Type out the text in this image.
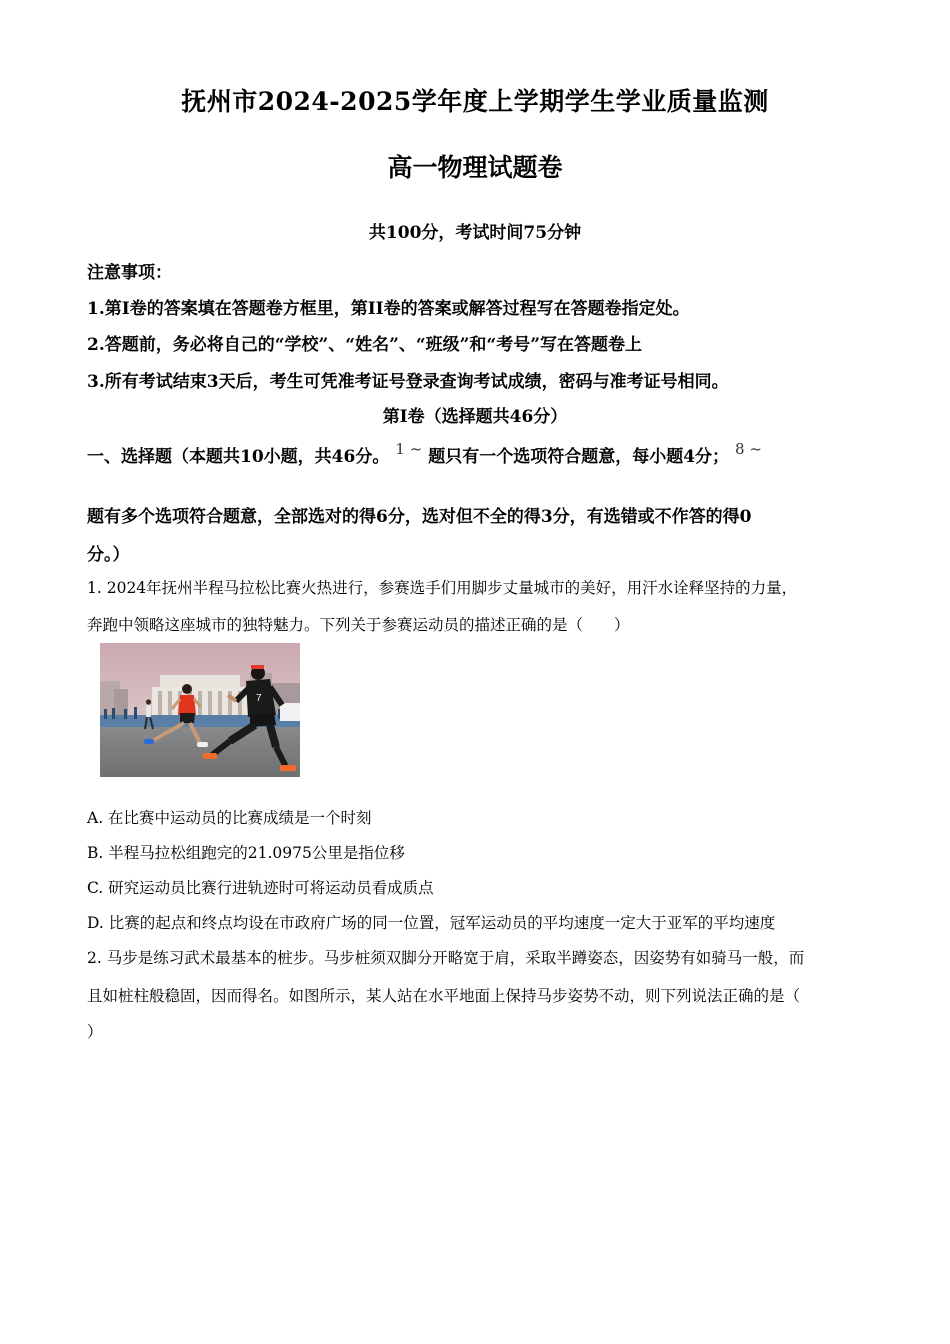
抚州市2024-2025学年度上学期学生学业质量监测
高一物理试题卷
共100分，考试时间75分钟
注意事项：
1.第I卷的答案填在答题卷方框里，第II卷的答案或解答过程写在答题卷指定处。
2.答题前，务必将自己的“学校”、“姓名”、“班级”和“考号”写在答题卷上
3.所有考试结束3天后，考生可凭准考证号登录查询考试成绩，密码与准考证号相同。
第I卷（选择题共46分）
一、选择题（本题共10小题，共46分。 1 ~ 题只有一个选项符合题意，每小题4分； 8 ~
题有多个选项符合题意，全部选对的得6分，选对但不全的得3分，有选错或不作答的得0
分。）
1. 2024年抚州半程马拉松比赛火热进行，参赛选手们用脚步丈量城市的美好，用汗水诠释坚持的力量，
奔跑中领略这座城市的独特魅力。下列关于参赛运动员的描述正确的是（　　）
7
A. 在比赛中运动员的比赛成绩是一个时刻
B. 半程马拉松组跑完的21.0975公里是指位移
C. 研究运动员比赛行进轨迹时可将运动员看成质点
D. 比赛的起点和终点均设在市政府广场的同一位置，冠军运动员的平均速度一定大于亚军的平均速度
2. 马步是练习武术最基本的桩步。马步桩须双脚分开略宽于肩，采取半蹲姿态，因姿势有如骑马一般，而
且如桩柱般稳固，因而得名。如图所示，某人站在水平地面上保持马步姿势不动，则下列说法正确的是（
）
